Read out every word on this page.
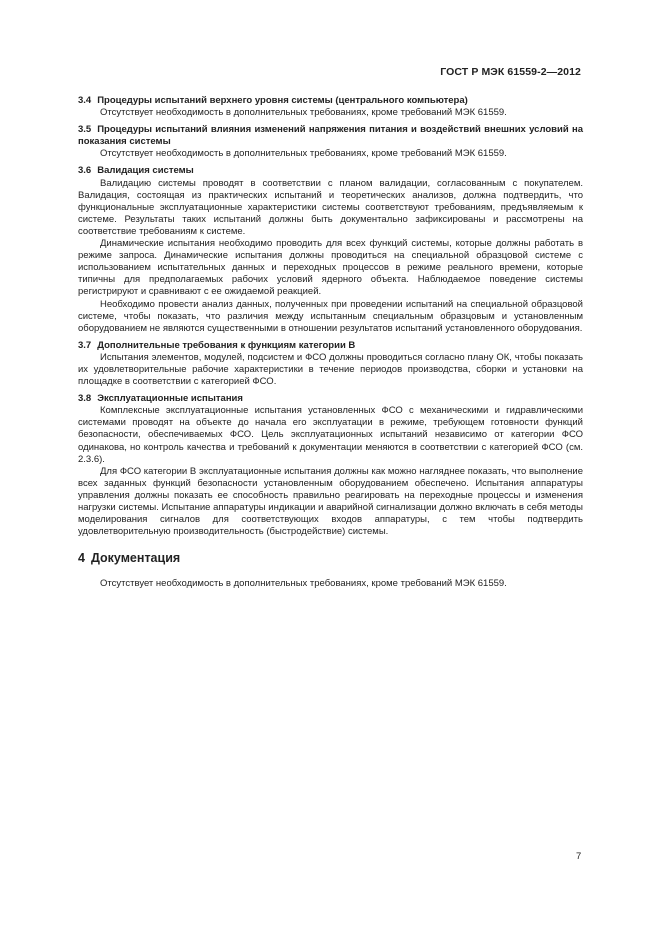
ГОСТ Р МЭК 61559-2—2012

3.4 Процедуры испытаний верхнего уровня системы (центрального компьютера)

Отсутствует необходимость в дополнительных требованиях, кроме требований МЭК 61559.

3.5 Процедуры испытаний влияния изменений напряжения питания и воздействий внешних условий на показания системы

Отсутствует необходимость в дополнительных требованиях, кроме требований МЭК 61559.

3.6 Валидация системы

Валидацию системы проводят в соответствии с планом валидации, согласованным с покупателем. Валидация, состоящая из практических испытаний и теоретических анализов, должна подтвердить, что функциональные эксплуатационные характеристики системы соответствуют требованиям, предъявляемым к системе. Результаты таких испытаний должны быть документально зафиксированы и рассмотрены на соответствие требованиям к системе.

Динамические испытания необходимо проводить для всех функций системы, которые должны работать в режиме запроса. Динамические испытания должны проводиться на специальной образцовой системе с использованием испытательных данных и переходных процессов в режиме реального времени, которые типичны для предполагаемых рабочих условий ядерного объекта. Наблюдаемое поведение системы регистрируют и сравнивают с ее ожидаемой реакцией.

Необходимо провести анализ данных, полученных при проведении испытаний на специальной образцовой системе, чтобы показать, что различия между испытанным специальным образцовым и установленным оборудованием не являются существенными в отношении результатов испытаний установленного оборудования.

3.7 Дополнительные требования к функциям категории В

Испытания элементов, модулей, подсистем и ФСО должны проводиться согласно плану ОК, чтобы показать их удовлетворительные рабочие характеристики в течение периодов производства, сборки и установки на площадке в соответствии с категорией ФСО.

3.8 Эксплуатационные испытания

Комплексные эксплуатационные испытания установленных ФСО с механическими и гидравлическими системами проводят на объекте до начала его эксплуатации в режиме, требующем готовности функций безопасности, обеспечиваемых ФСО. Цель эксплуатационных испытаний независимо от категории ФСО одинакова, но контроль качества и требований к документации меняются в соответствии с категорией ФСО (см. 2.3.6).

Для ФСО категории В эксплуатационные испытания должны как можно нагляднее показать, что выполнение всех заданных функций безопасности установленным оборудованием обеспечено. Испытания аппаратуры управления должны показать ее способность правильно реагировать на переходные процессы и изменения нагрузки системы. Испытание аппаратуры индикации и аварийной сигнализации должно включать в себя методы моделирования сигналов для соответствующих входов аппаратуры, с тем чтобы подтвердить удовлетворительную производительность (быстродействие) системы.

4 Документация

Отсутствует необходимость в дополнительных требованиях, кроме требований МЭК 61559.

7
